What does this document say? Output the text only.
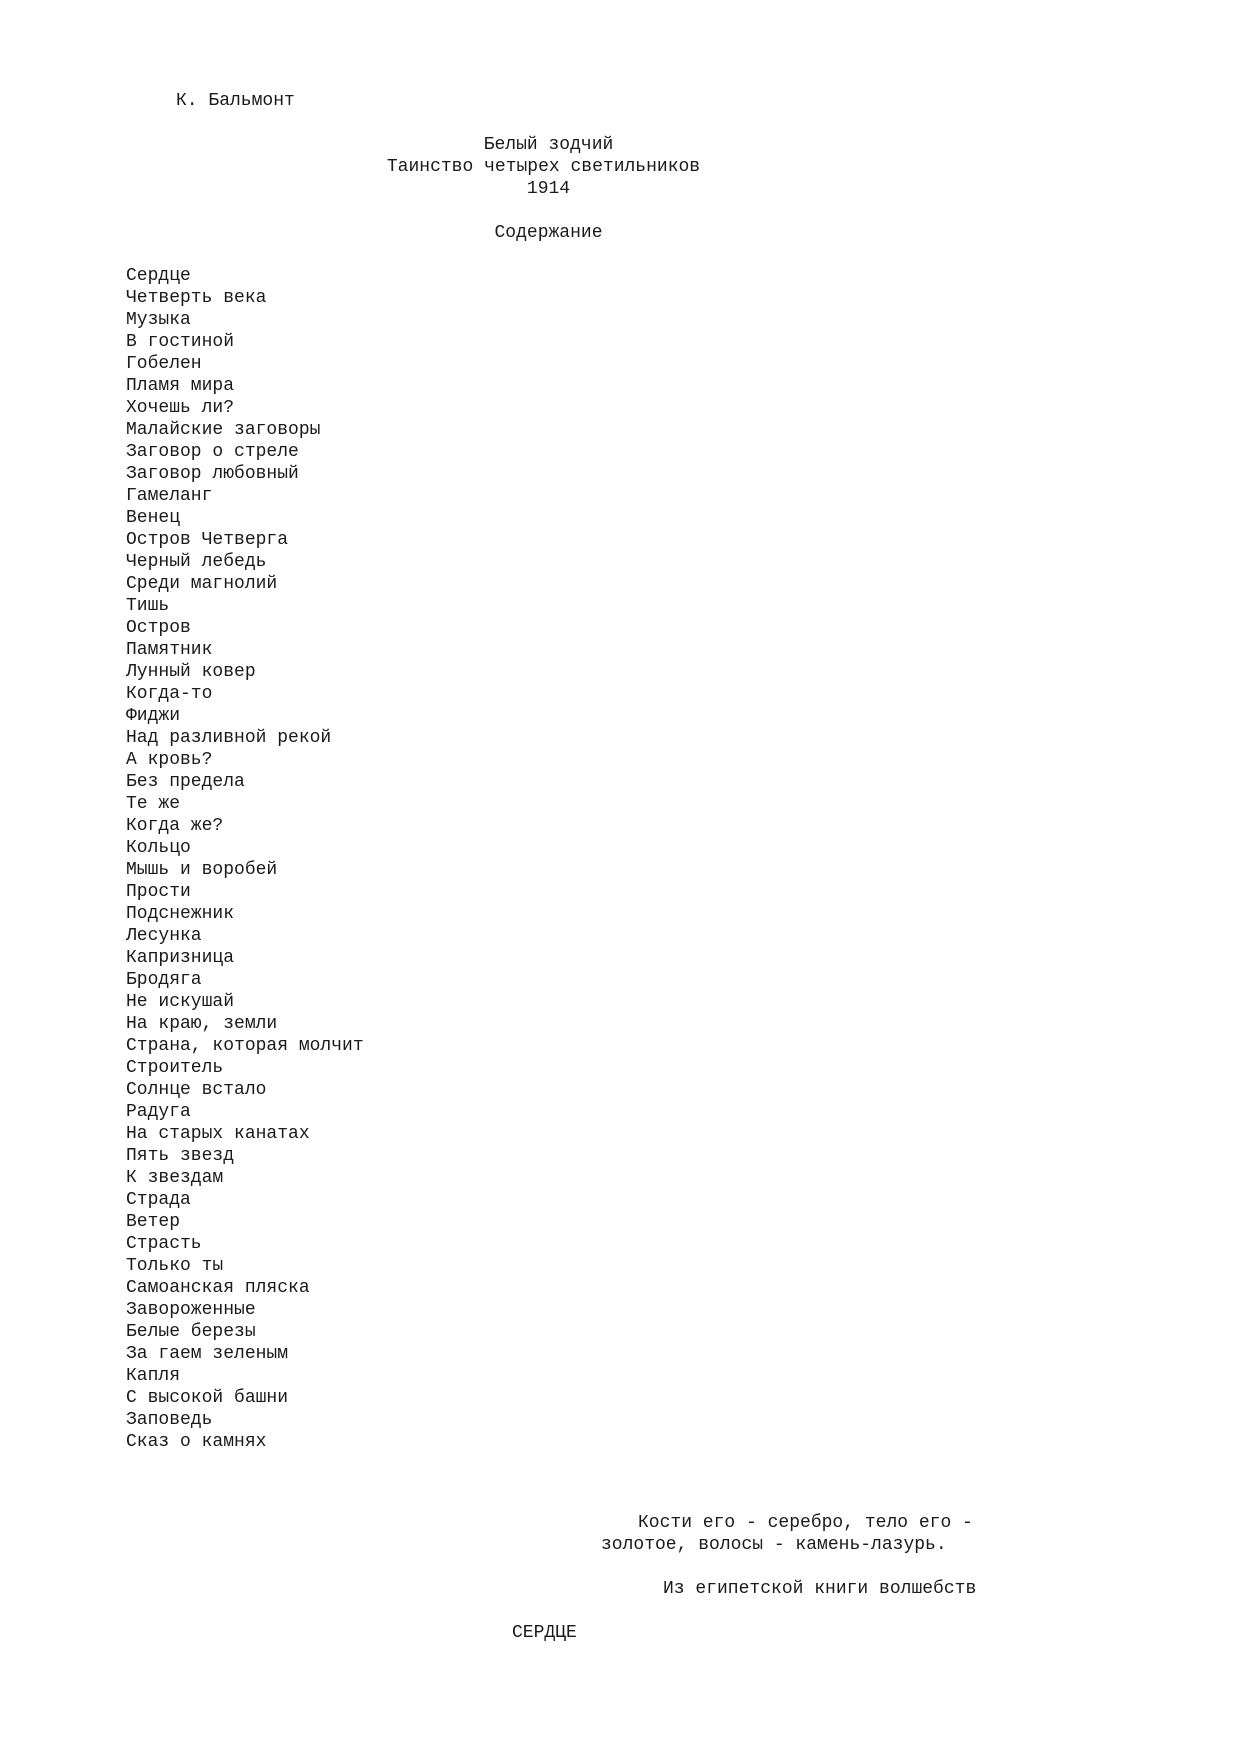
К. Бальмонт
Белый зодчий
Таинство четырех светильников
1914
Содержание
Сердце
Четверть века
Музыка
В гостиной
Гобелен
Пламя мира
Хочешь ли?
Малайские заговоры
Заговор о стреле
Заговор любовный
Гамеланг
Венец
Остров Четверга
Черный лебедь
Среди магнолий
Тишь
Остров
Памятник
Лунный ковер
Когда-то
Фиджи
Над разливной рекой
А кровь?
Без предела
Те же
Когда же?
Кольцо
Мышь и воробей
Прости
Подснежник
Лесунка
Капризница
Бродяга
Не искушай
На краю, земли
Страна, которая молчит
Строитель
Солнце встало
Радуга
На старых канатах
Пять звезд
К звездам
Страда
Ветер
Страсть
Только ты
Самоанская пляска
Завороженные
Белые березы
За гаем зеленым
Капля
С высокой башни
Заповедь
Сказ о камнях
Кости его - серебро, тело его -
золотое, волосы - камень-лазурь.
Из египетской книги волшебств
СЕРДЦЕ
